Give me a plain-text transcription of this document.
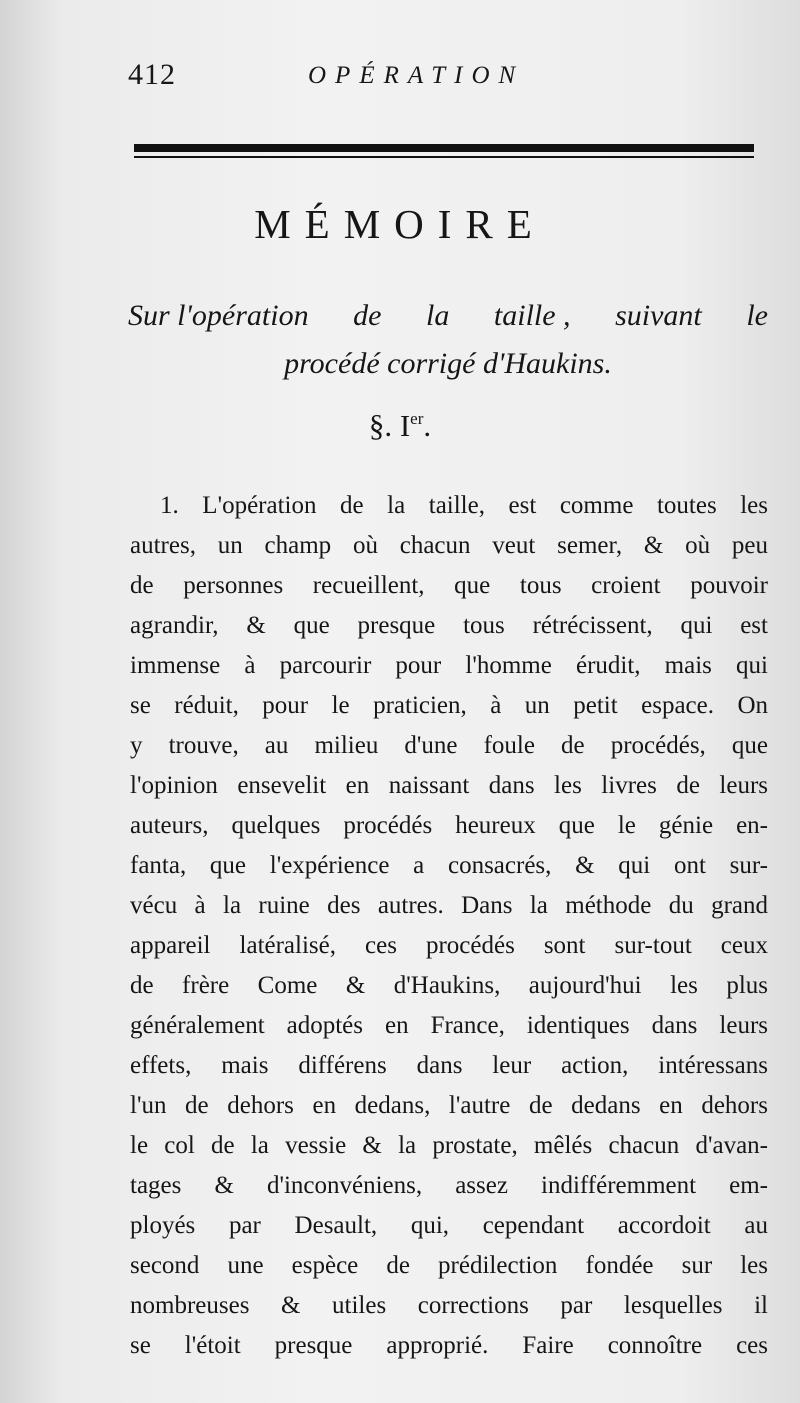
412	OPÉRATION
MÉMOIRE
Sur l'opération de la taille , suivant le
procédé corrigé d'Haukins.
§. Ier.
1. L'opération de la taille, est comme toutes les
autres, un champ où chacun veut semer, & où peu
de personnes recueillent, que tous croient pouvoir
agrandir, & que presque tous rétrécissent, qui est
immense à parcourir pour l'homme érudit, mais qui
se réduit, pour le praticien, à un petit espace. On
y trouve, au milieu d'une foule de procédés, que
l'opinion ensevelit en naissant dans les livres de leurs
auteurs, quelques procédés heureux que le génie en-
fanta, que l'expérience a consacrés, & qui ont sur-
vécu à la ruine des autres. Dans la méthode du grand
appareil latéralisé, ces procédés sont sur-tout ceux
de frère Come & d'Haukins, aujourd'hui les plus
généralement adoptés en France, identiques dans leurs
effets, mais différens dans leur action, intéressans
l'un de dehors en dedans, l'autre de dedans en dehors
le col de la vessie & la prostate, mêlés chacun d'avan-
tages & d'inconvéniens, assez indifféremment em-
ployés par Desault, qui, cependant accordoit au
second une espèce de prédilection fondée sur les
nombreuses & utiles corrections par lesquelles il
se l'étoit presque approprié. Faire connoître ces
